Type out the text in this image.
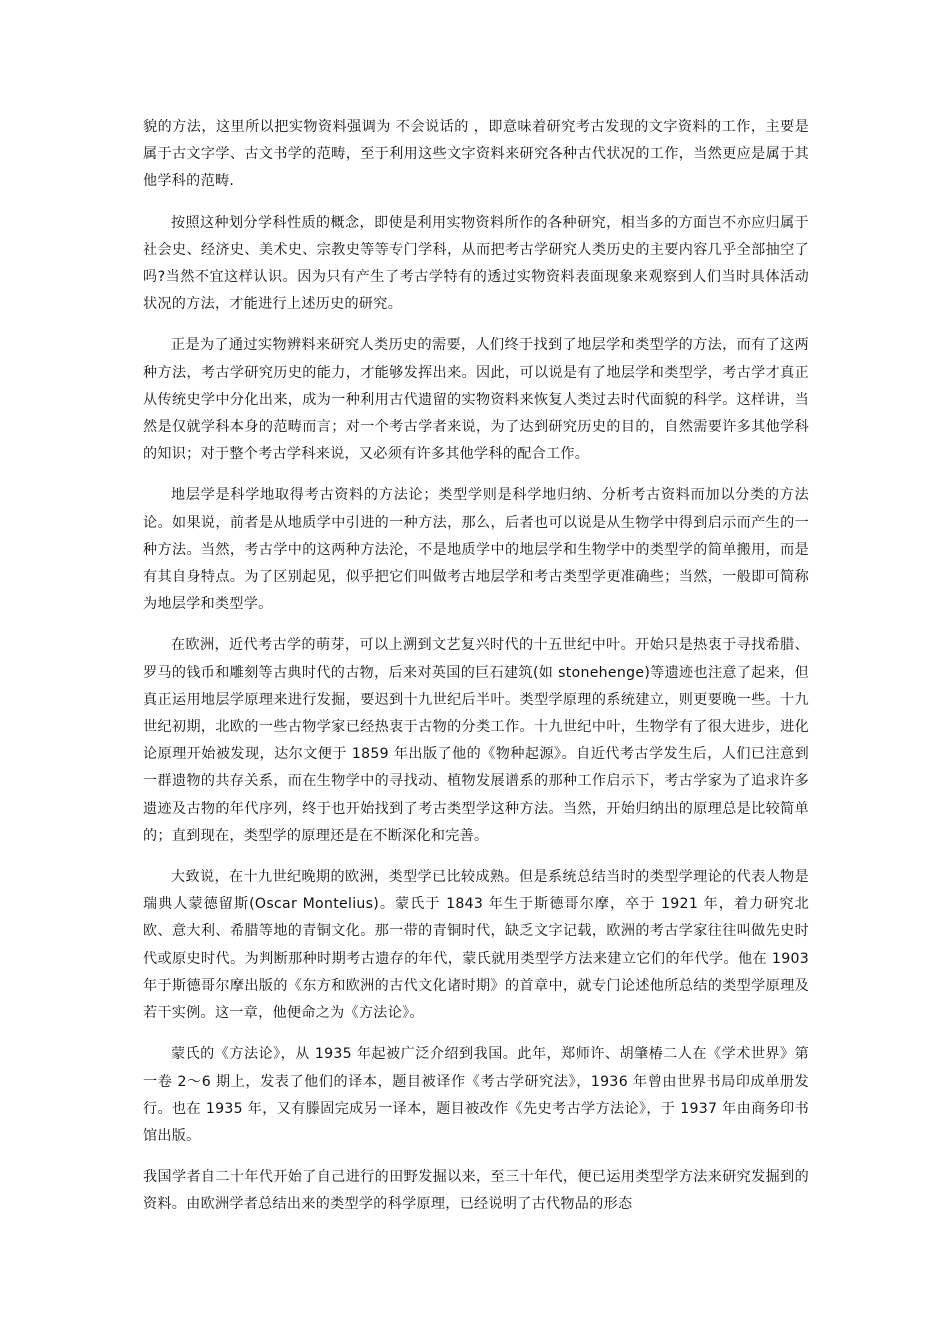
貌的方法，这里所以把实物资料强调为 不会说话的 ，即意味着研究考古发现的文字资料的工作，主要是属于古文字学、古文书学的范畴，至于利用这些文字资料来研究各种古代状况的工作，当然更应是属于其他学科的范畴.

按照这种划分学科性质的概念，即使是利用实物资料所作的各种研究，相当多的方面岂不亦应归属于社会史、经济史、美术史、宗教史等等专门学科，从而把考古学研究人类历史的主要内容几乎全部抽空了吗?当然不宜这样认识。因为只有产生了考古学特有的透过实物资料表面现象来观察到人们当时具体活动状况的方法，才能进行上述历史的研究。

正是为了通过实物辨料来研究人类历史的需要，人们终于找到了地层学和类型学的方法，而有了这两种方法，考古学研究历史的能力，才能够发挥出来。因此，可以说是有了地层学和类型学，考古学才真正从传统史学中分化出来，成为一种利用古代遗留的实物资料来恢复人类过去时代面貌的科学。这样讲，当然是仅就学科本身的范畴而言；对一个考古学者来说，为了达到研究历史的目的，自然需要许多其他学科的知识；对于整个考古学科来说，又必须有许多其他学科的配合工作。

地层学是科学地取得考古资料的方法论；类型学则是科学地归纳、分析考古资料而加以分类的方法论。如果说，前者是从地质学中引进的一种方法，那么，后者也可以说是从生物学中得到启示而产生的一种方法。当然，考古学中的这两种方法沦，不是地质学中的地层学和生物学中的类型学的简单搬用，而是有其自身特点。为了区别起见，似乎把它们叫做考古地层学和考古类型学更准确些；当然，一般即可简称为地层学和类型学。

在欧洲，近代考古学的萌芽，可以上溯到文艺复兴时代的十五世纪中叶。开始只是热衷于寻找希腊、罗马的钱币和雕刻等古典时代的古物，后来对英国的巨石建筑(如 stonehenge)等遗迹也注意了起来，但真正运用地层学原理来进行发掘，要迟到十九世纪后半叶。类型学原理的系统建立，则更要晚一些。十九世纪初期，北欧的一些古物学家已经热衷于古物的分类工作。十九世纪中叶，生物学有了很大进步，进化论原理开始被发现，达尔文便于 1859 年出版了他的《物种起源》。自近代考古学发生后，人们已注意到一群遗物的共存关系，而在生物学中的寻找动、植物发展谱系的那种工作启示下，考古学家为了追求许多遗迹及古物的年代序列，终于也开始找到了考古类型学这种方法。当然，开始归纳出的原理总是比较简单的；直到现在，类型学的原理还是在不断深化和完善。

大致说，在十九世纪晚期的欧洲，类型学已比较成熟。但是系统总结当时的类型学理论的代表人物是瑞典人蒙德留斯(Oscar Montelius)。蒙氏于 1843 年生于斯德哥尔摩，卒于 1921 年，着力研究北欧、意大利、希腊等地的青铜文化。那一带的青铜时代，缺乏文字记载，欧洲的考古学家往往叫做先史时代或原史时代。为判断那种时期考古遗存的年代，蒙氏就用类型学方法来建立它们的年代学。他在 1903 年于斯德哥尔摩出版的《东方和欧洲的古代文化诸时期》的首章中，就专门论述他所总结的类型学原理及若干实例。这一章，他便命之为《方法论》。

蒙氏的《方法论》，从 1935 年起被广泛介绍到我国。此年，郑师许、胡肇椿二人在《学术世界》第一卷 2～6 期上，发表了他们的译本，题目被译作《考古学研究法》，1936 年曾由世界书局印成单册发行。也在 1935 年，又有滕固完成另一译本，题目被改作《先史考古学方法论》，于 1937 年由商务印书馆出版。

我国学者自二十年代开始了自己进行的田野发掘以来，至三十年代，便已运用类型学方法来研究发掘到的资料。由欧洲学者总结出来的类型学的科学原理，已经说明了古代物品的形态
